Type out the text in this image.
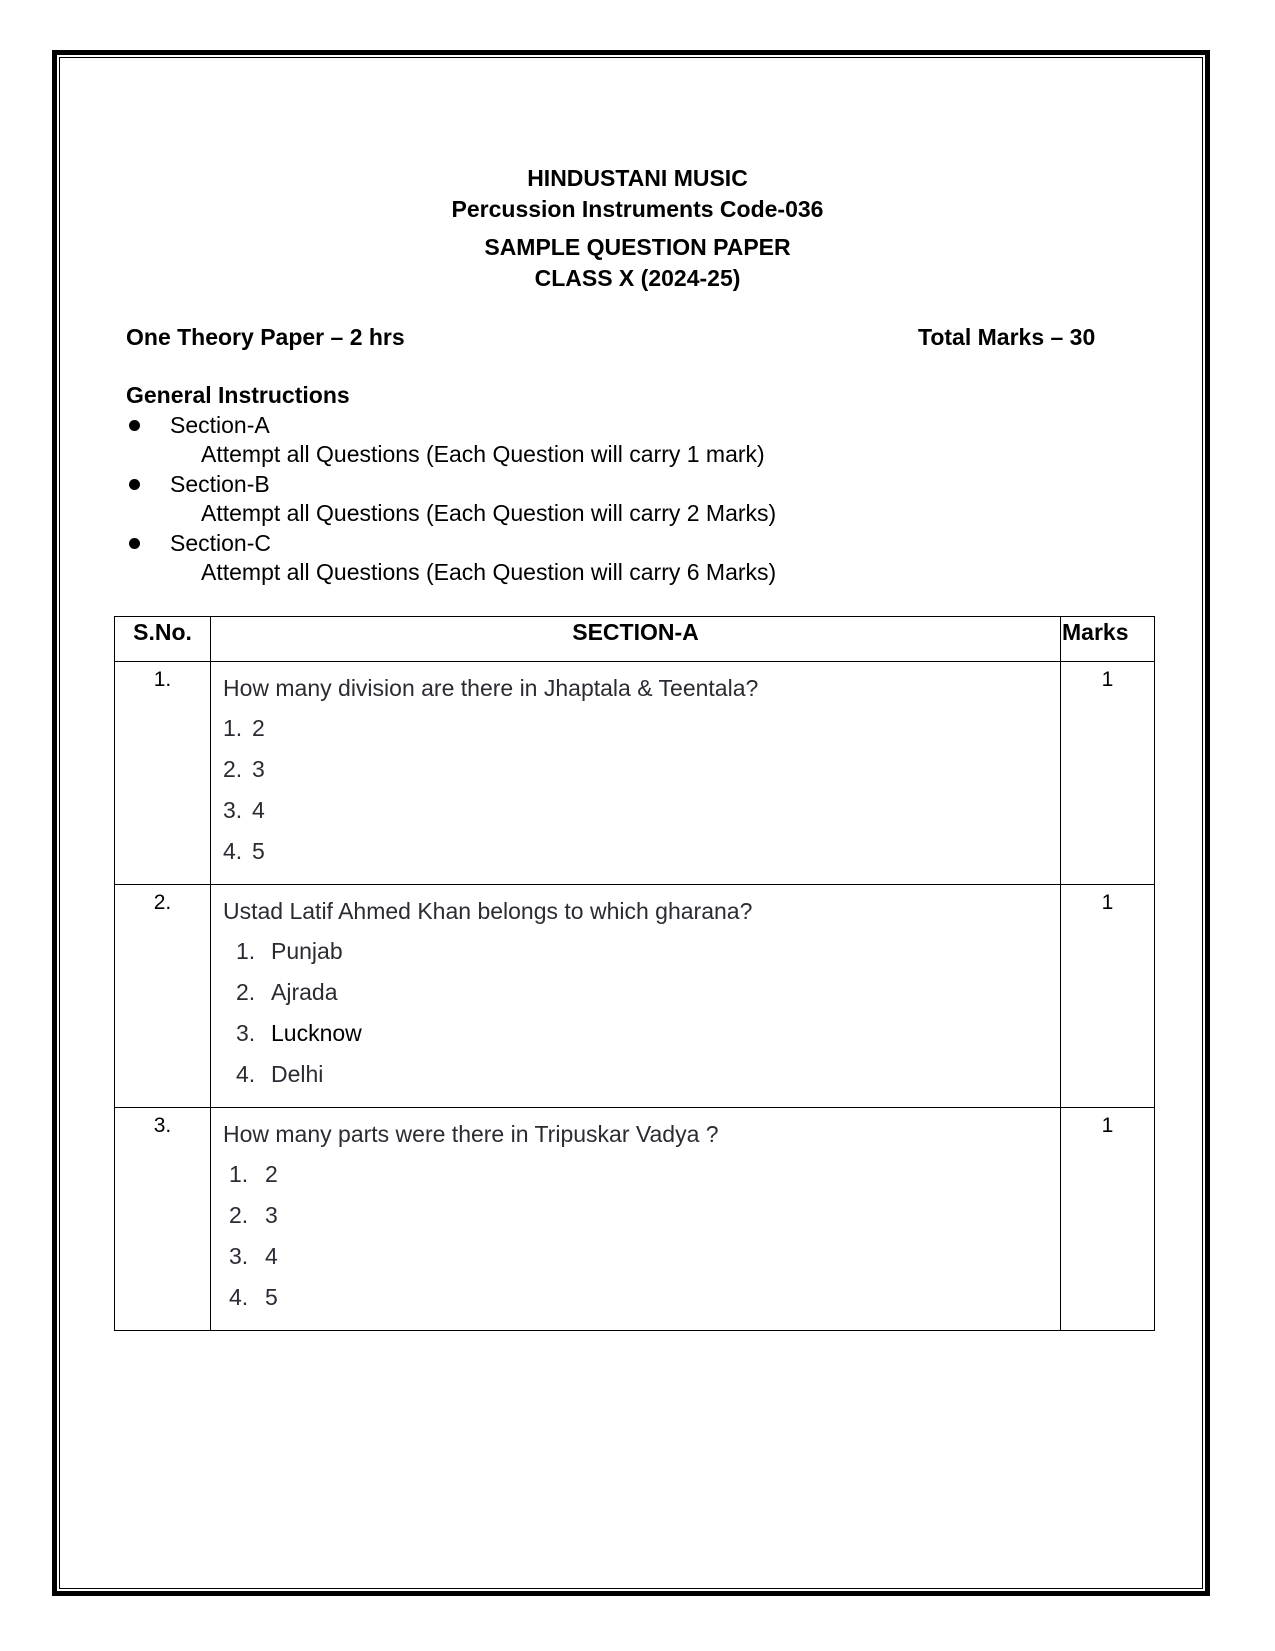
HINDUSTANI MUSIC
Percussion Instruments Code-036
SAMPLE QUESTION PAPER
CLASS X (2024-25)
One Theory Paper – 2 hrs	Total Marks – 30
General Instructions
Section-A
Attempt all Questions (Each Question will carry 1 mark)
Section-B
Attempt all Questions (Each Question will carry 2 Marks)
Section-C
Attempt all Questions (Each Question will carry 6 Marks)
S.No.	SECTION-A	Marks
1.	How many division are there in Jhaptala & Teentala?
1. 2
2. 3
3. 4
4. 5	1
2.	Ustad Latif Ahmed Khan belongs to which gharana?
1. Punjab
2. Ajrada
3. Lucknow
4. Delhi	1
3.	How many parts were there in Tripuskar Vadya ?
1. 2
2. 3
3. 4
4. 5	1
